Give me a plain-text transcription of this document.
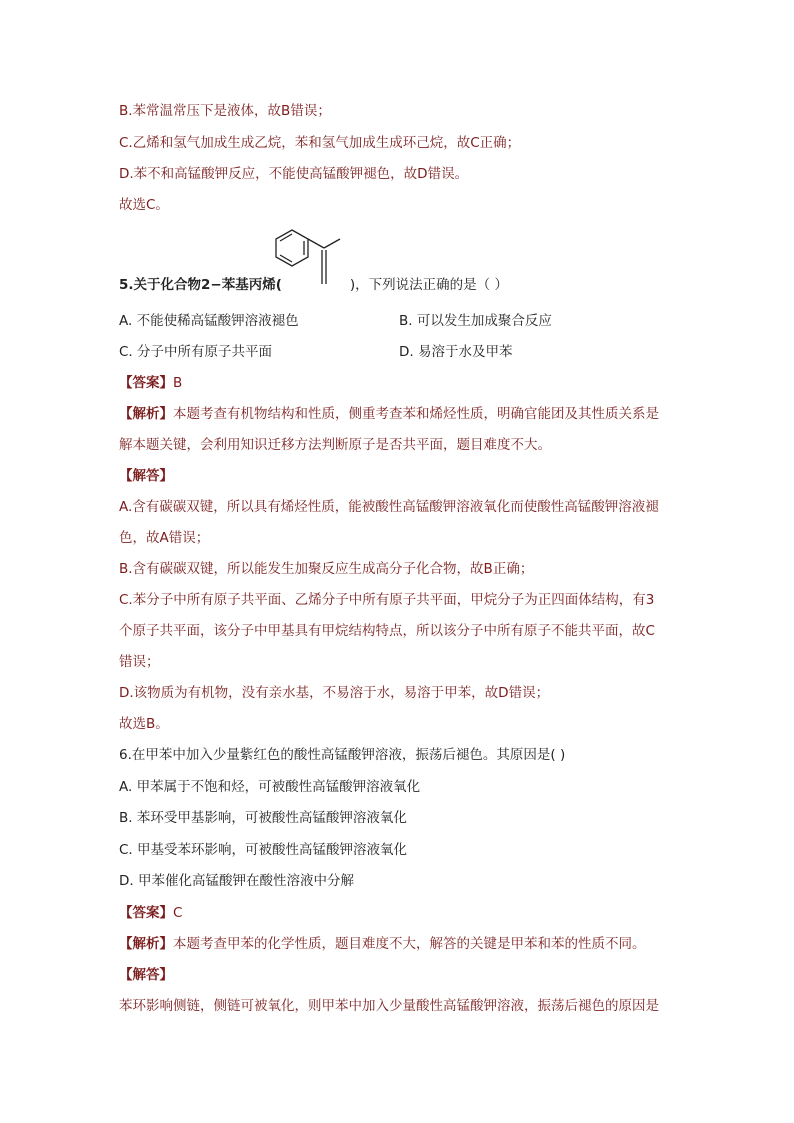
B.苯常温常压下是液体，故B错误；
C.乙烯和氢气加成生成乙烷，苯和氢气加成生成环己烷，故C正确；
D.苯不和高锰酸钾反应，不能使高锰酸钾褪色，故D错误。
故选C。
5.关于化合物2−苯基丙烯(	)，下列说法正确的是（ ）
A. 不能使稀高锰酸钾溶液褪色	B. 可以发生加成聚合反应
C. 分子中所有原子共平面	D. 易溶于水及甲苯
【答案】B
【解析】本题考查有机物结构和性质，侧重考查苯和烯烃性质，明确官能团及其性质关系是
解本题关键，会利用知识迁移方法判断原子是否共平面，题目难度不大。
【解答】
A.含有碳碳双键，所以具有烯烃性质，能被酸性高锰酸钾溶液氧化而使酸性高锰酸钾溶液褪
色，故A错误；
B.含有碳碳双键，所以能发生加聚反应生成高分子化合物，故B正确；
C.苯分子中所有原子共平面、乙烯分子中所有原子共平面，甲烷分子为正四面体结构，有3
个原子共平面，该分子中甲基具有甲烷结构特点，所以该分子中所有原子不能共平面，故C
错误；
D.该物质为有机物，没有亲水基，不易溶于水，易溶于甲苯，故D错误；
故选B。
6.在甲苯中加入少量紫红色的酸性高锰酸钾溶液，振荡后褪色。其原因是( )
A. 甲苯属于不饱和烃，可被酸性高锰酸钾溶液氧化
B. 苯环受甲基影响，可被酸性高锰酸钾溶液氧化
C. 甲基受苯环影响，可被酸性高锰酸钾溶液氧化
D. 甲苯催化高锰酸钾在酸性溶液中分解
【答案】C
【解析】本题考查甲苯的化学性质，题目难度不大，解答的关键是甲苯和苯的性质不同。
【解答】
苯环影响侧链，侧链可被氧化，则甲苯中加入少量酸性高锰酸钾溶液，振荡后褪色的原因是
